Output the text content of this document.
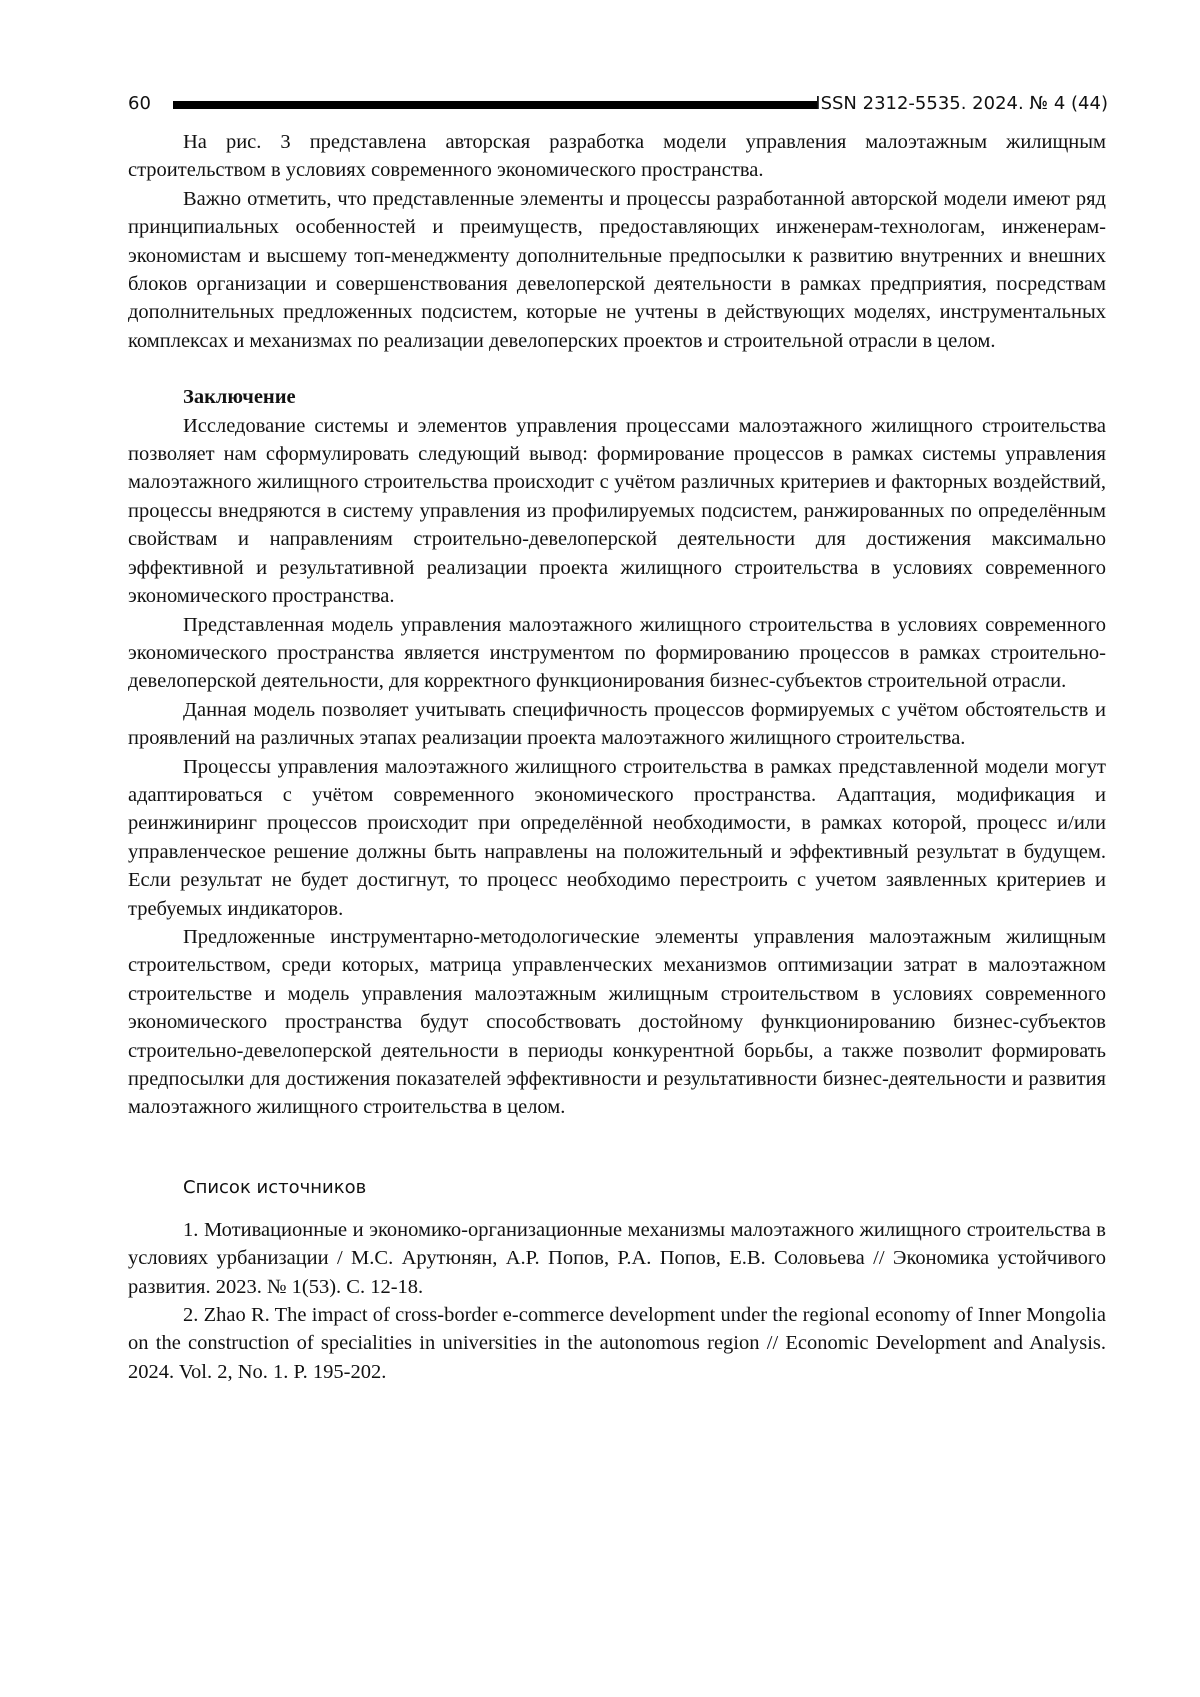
60	ISSN 2312-5535. 2024. № 4 (44)

На рис. 3 представлена авторская разработка модели управления малоэтажным жилищным строительством в условиях современного экономического пространства.

Важно отметить, что представленные элементы и процессы разработанной авторской модели имеют ряд принципиальных особенностей и преимуществ, предоставляющих инженерам-технологам, инженерам-экономистам и высшему топ-менеджменту дополнительные предпосылки к развитию внутренних и внешних блоков организации и совершенствования девелоперской деятельности в рамках предприятия, посредствам дополнительных предложенных подсистем, которые не учтены в действующих моделях, инструментальных комплексах и механизмах по реализации девелоперских проектов и строительной отрасли в целом.

Заключение

Исследование системы и элементов управления процессами малоэтажного жилищного строительства позволяет нам сформулировать следующий вывод: формирование процессов в рамках системы управления малоэтажного жилищного строительства происходит с учётом различных критериев и факторных воздействий, процессы внедряются в систему управления из профилируемых подсистем, ранжированных по определённым свойствам и направлениям строительно-девелоперской деятельности для достижения максимально эффективной и результативной реализации проекта жилищного строительства в условиях современного экономического пространства.

Представленная модель управления малоэтажного жилищного строительства в условиях современного экономического пространства является инструментом по формированию процессов в рамках строительно-девелоперской деятельности, для корректного функционирования бизнес-субъектов строительной отрасли.

Данная модель позволяет учитывать специфичность процессов формируемых с учётом обстоятельств и проявлений на различных этапах реализации проекта малоэтажного жилищного строительства.

Процессы управления малоэтажного жилищного строительства в рамках представленной модели могут адаптироваться с учётом современного экономического пространства. Адаптация, модификация и реинжиниринг процессов происходит при определённой необходимости, в рамках которой, процесс и/или управленческое решение должны быть направлены на положительный и эффективный результат в будущем. Если результат не будет достигнут, то процесс необходимо перестроить с учетом заявленных критериев и требуемых индикаторов.

Предложенные инструментарно-методологические элементы управления малоэтажным жилищным строительством, среди которых, матрица управленческих механизмов оптимизации затрат в малоэтажном строительстве и модель управления малоэтажным жилищным строительством в условиях современного экономического пространства будут способствовать достойному функционированию бизнес-субъектов строительно-девелоперской деятельности в периоды конкурентной борьбы, а также позволит формировать предпосылки для достижения показателей эффективности и результативности бизнес-деятельности и развития малоэтажного жилищного строительства в целом.

Список источников

1. Мотивационные и экономико-организационные механизмы малоэтажного жилищного строительства в условиях урбанизации / М.С. Арутюнян, А.Р. Попов, Р.А. Попов, Е.В. Соловьева // Экономика устойчивого развития. 2023. № 1(53). С. 12-18.

2. Zhao R. The impact of cross-border e-commerce development under the regional economy of Inner Mongolia on the construction of specialities in universities in the autonomous region // Economic Development and Analysis. 2024. Vol. 2, No. 1. P. 195-202.
